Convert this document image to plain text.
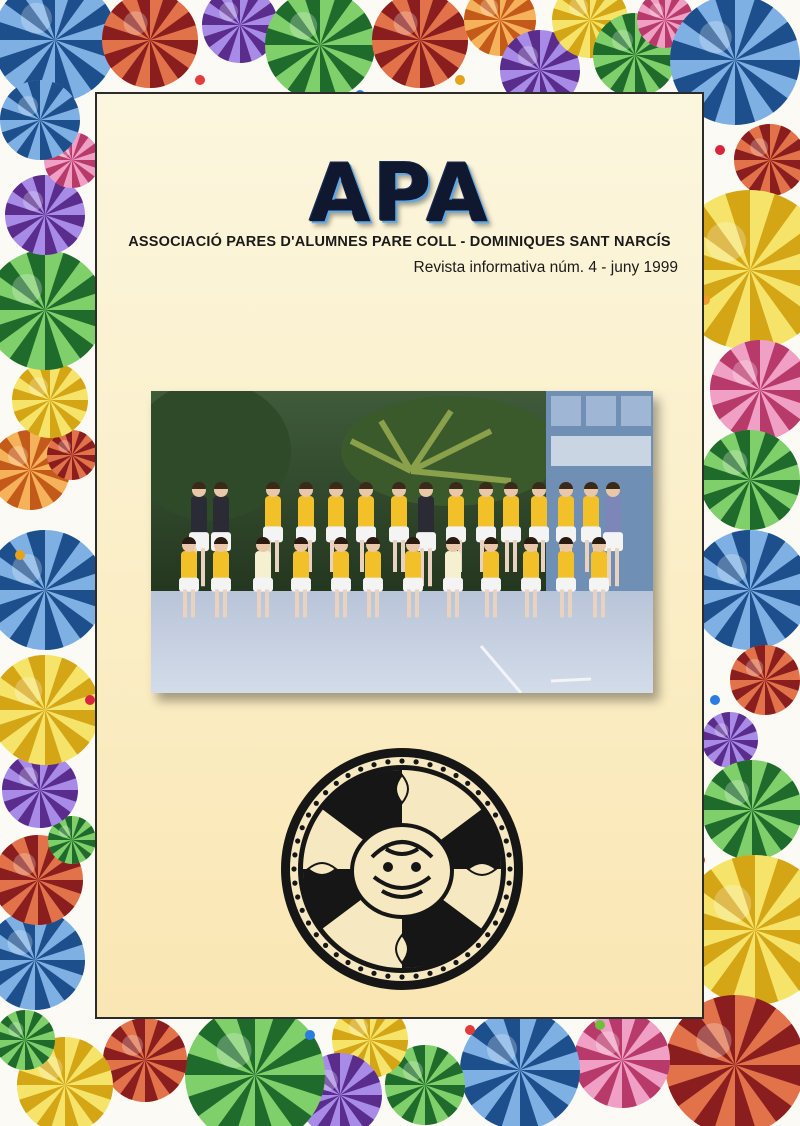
APA
ASSOCIACIÓ PARES D'ALUMNES PARE COLL - DOMINIQUES SANT NARCÍS
Revista informativa núm. 4 - juny 1999
